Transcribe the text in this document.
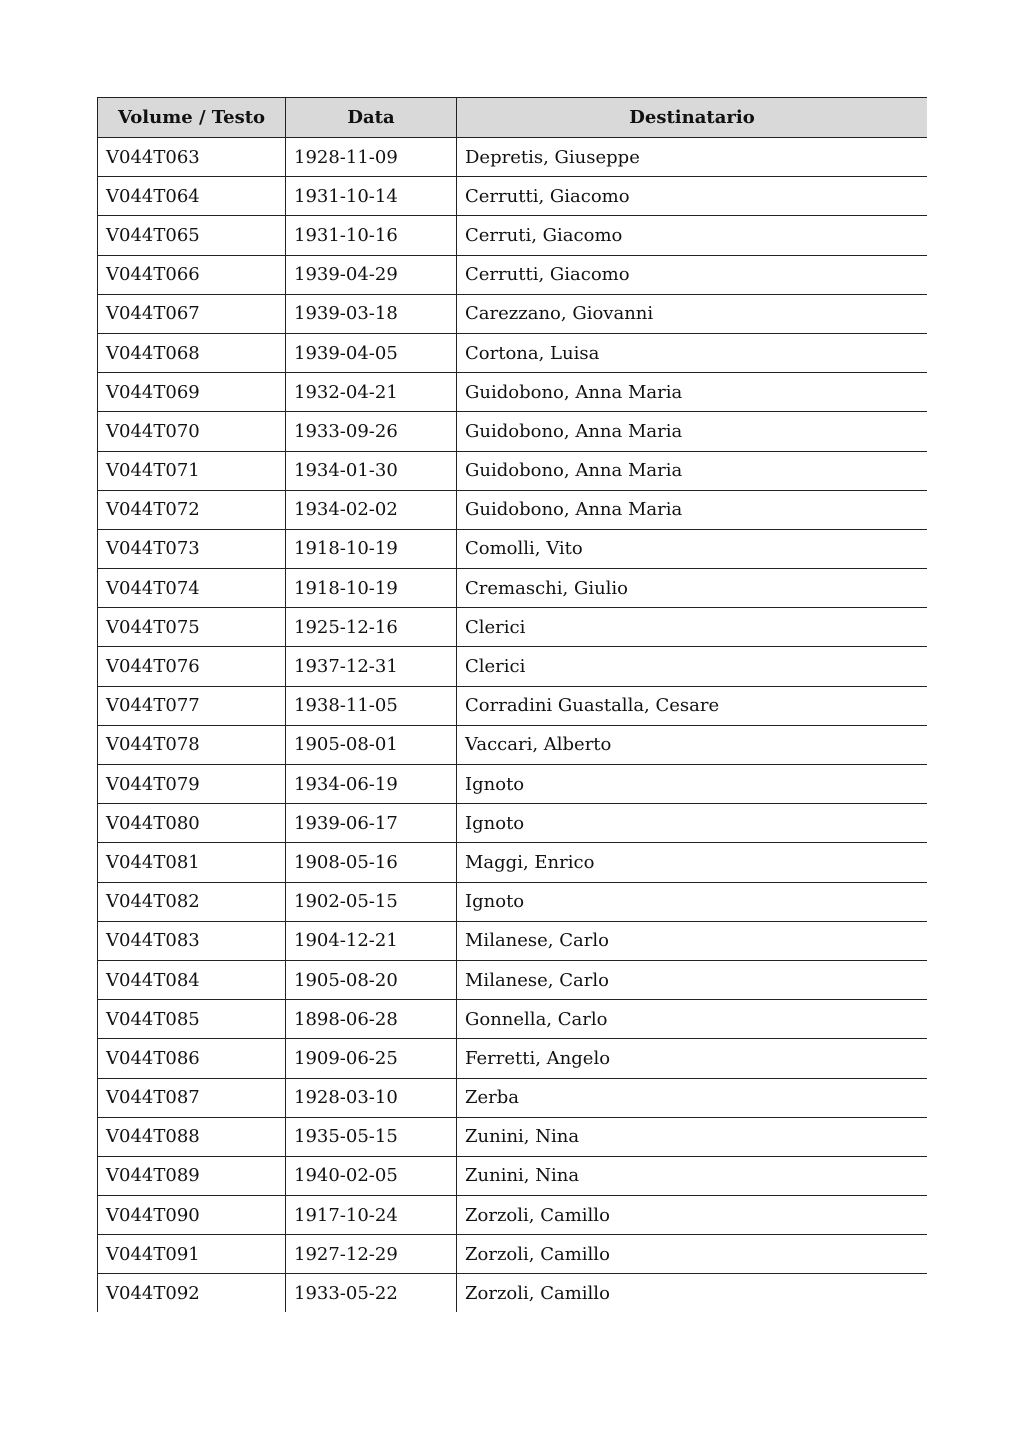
Volume / Testo	Data	Destinatario
V044T063	1928-11-09	Depretis, Giuseppe
V044T064	1931-10-14	Cerrutti, Giacomo
V044T065	1931-10-16	Cerruti, Giacomo
V044T066	1939-04-29	Cerrutti, Giacomo
V044T067	1939-03-18	Carezzano, Giovanni
V044T068	1939-04-05	Cortona, Luisa
V044T069	1932-04-21	Guidobono, Anna Maria
V044T070	1933-09-26	Guidobono, Anna Maria
V044T071	1934-01-30	Guidobono, Anna Maria
V044T072	1934-02-02	Guidobono, Anna Maria
V044T073	1918-10-19	Comolli, Vito
V044T074	1918-10-19	Cremaschi, Giulio
V044T075	1925-12-16	Clerici
V044T076	1937-12-31	Clerici
V044T077	1938-11-05	Corradini Guastalla, Cesare
V044T078	1905-08-01	Vaccari, Alberto
V044T079	1934-06-19	Ignoto
V044T080	1939-06-17	Ignoto
V044T081	1908-05-16	Maggi, Enrico
V044T082	1902-05-15	Ignoto
V044T083	1904-12-21	Milanese, Carlo
V044T084	1905-08-20	Milanese, Carlo
V044T085	1898-06-28	Gonnella, Carlo
V044T086	1909-06-25	Ferretti, Angelo
V044T087	1928-03-10	Zerba
V044T088	1935-05-15	Zunini, Nina
V044T089	1940-02-05	Zunini, Nina
V044T090	1917-10-24	Zorzoli, Camillo
V044T091	1927-12-29	Zorzoli, Camillo
V044T092	1933-05-22	Zorzoli, Camillo
